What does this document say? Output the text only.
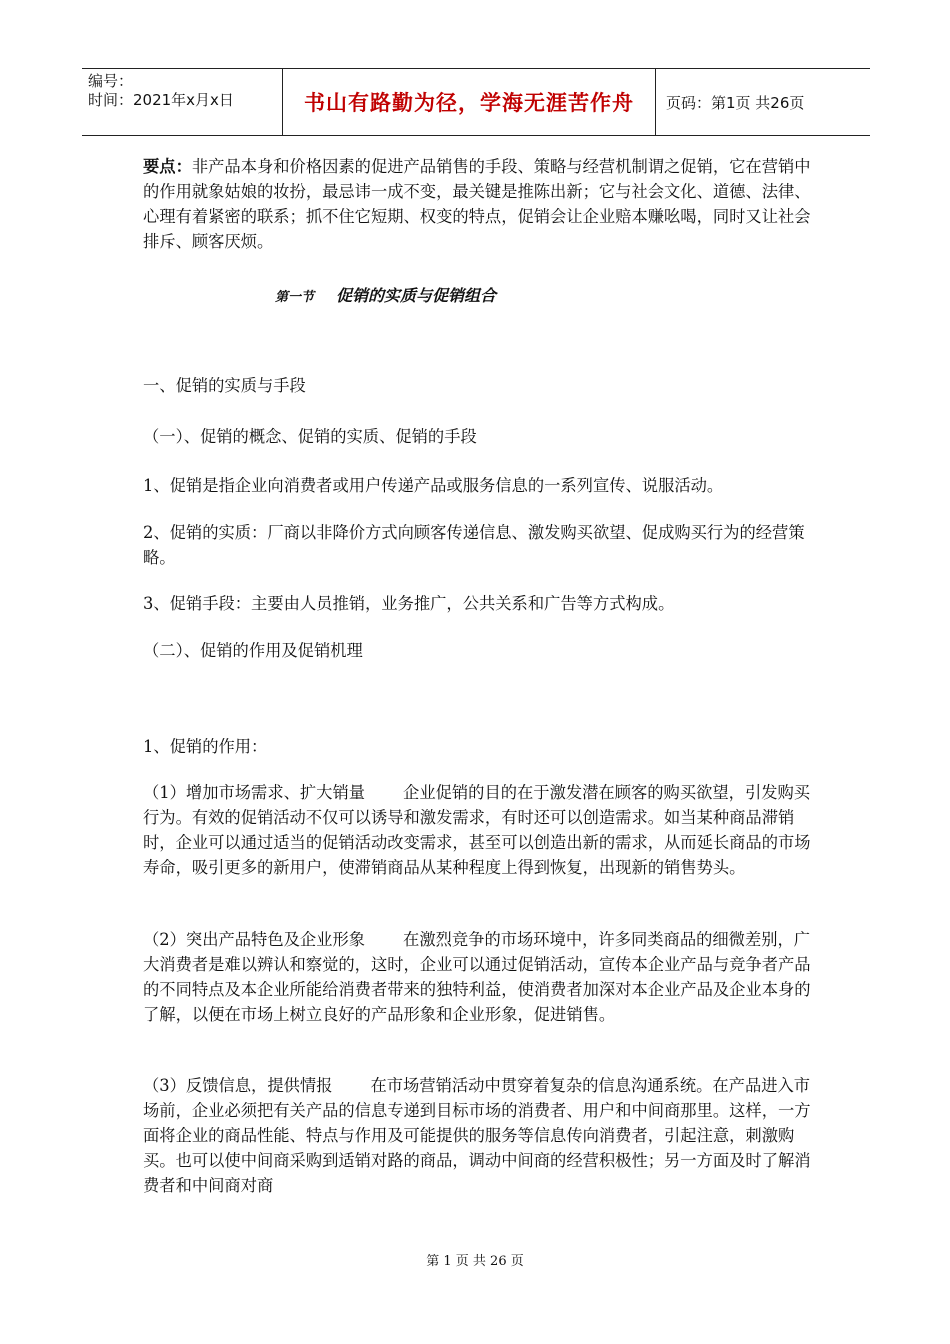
编号：
时间：2021年x月x日	书山有路勤为径，学海无涯苦作舟	页码：第1页 共26页

要点：非产品本身和价格因素的促进产品销售的手段、策略与经营机制谓之促销，它在营销中的作用就象姑娘的妆扮，最忌讳一成不变，最关键是推陈出新；它与社会文化、道德、法律、心理有着紧密的联系；抓不住它短期、权变的特点，促销会让企业赔本赚吆喝，同时又让社会排斥、顾客厌烦。

第一节 促销的实质与促销组合
一、促销的实质与手段
（一）、促销的概念、促销的实质、促销的手段
1、促销是指企业向消费者或用户传递产品或服务信息的一系列宣传、说服活动。
2、促销的实质：厂商以非降价方式向顾客传递信息、激发购买欲望、促成购买行为的经营策略。
3、促销手段：主要由人员推销，业务推广，公共关系和广告等方式构成。
（二）、促销的作用及促销机理
1、促销的作用：
（1）增加市场需求、扩大销量 企业促销的目的在于激发潜在顾客的购买欲望，引发购买行为。有效的促销活动不仅可以诱导和激发需求，有时还可以创造需求。如当某种商品滞销时，企业可以通过适当的促销活动改变需求，甚至可以创造出新的需求，从而延长商品的市场寿命，吸引更多的新用户，使滞销商品从某种程度上得到恢复，出现新的销售势头。
（2）突出产品特色及企业形象 在激烈竞争的市场环境中，许多同类商品的细微差别，广大消费者是难以辨认和察觉的，这时，企业可以通过促销活动，宣传本企业产品与竞争者产品的不同特点及本企业所能给消费者带来的独特利益，使消费者加深对本企业产品及企业本身的了解，以便在市场上树立良好的产品形象和企业形象，促进销售。
（3）反馈信息，提供情报 在市场营销活动中贯穿着复杂的信息沟通系统。在产品进入市场前，企业必须把有关产品的信息专递到目标市场的消费者、用户和中间商那里。这样，一方面将企业的商品性能、特点与作用及可能提供的服务等信息传向消费者，引起注意，刺激购买。也可以使中间商采购到适销对路的商品，调动中间商的经营积极性；另一方面及时了解消费者和中间商对商
第 1 页 共 26 页
